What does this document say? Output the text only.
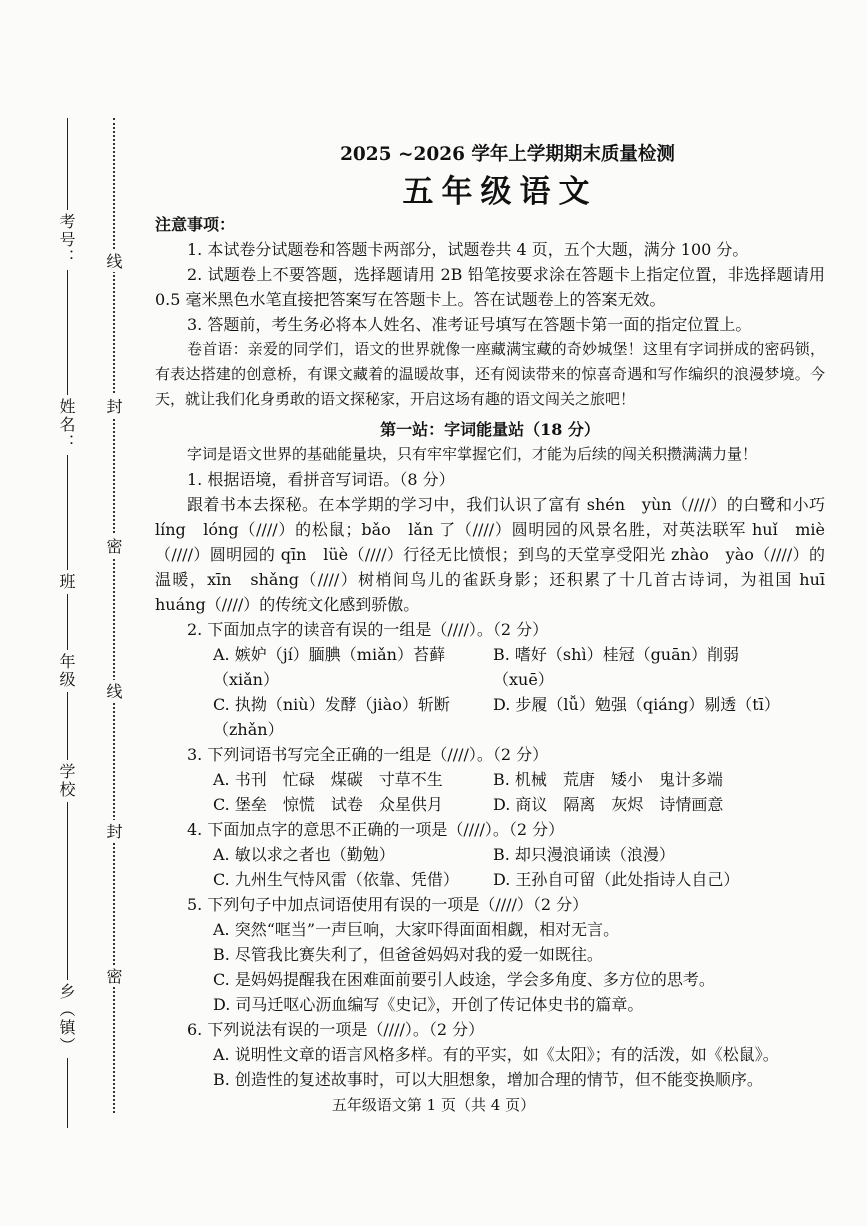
考号：
姓名：
班
年级
学校
乡（镇）
线
封
密
线
封
密

2025 ~2026 学年上学期期末质量检测

五年级语文

注意事项：

1. 本试卷分试题卷和答题卡两部分，试题卷共 4 页，五个大题，满分 100 分。

2. 试题卷上不要答题，选择题请用 2B 铅笔按要求涂在答题卡上指定位置，非选择题请用 0.5 毫米黑色水笔直接把答案写在答题卡上。答在试题卷上的答案无效。

3. 答题前，考生务必将本人姓名、准考证号填写在答题卡第一面的指定位置上。

卷首语：亲爱的同学们，语文的世界就像一座藏满宝藏的奇妙城堡！这里有字词拼成的密码锁，有表达搭建的创意桥，有课文藏着的温暖故事，还有阅读带来的惊喜奇遇和写作编织的浪漫梦境。今天，就让我们化身勇敢的语文探秘家，开启这场有趣的语文闯关之旅吧！

第一站：字词能量站（18 分）

字词是语文世界的基础能量块，只有牢牢掌握它们，才能为后续的闯关积攒满满力量！

1. 根据语境，看拼音写词语。（8 分）

跟着书本去探秘。在本学期的学习中，我们认识了富有 shén　yùn（////）的白鹭和小巧 líng　lóng（////）的松鼠；bǎo　lǎn 了（////）圆明园的风景名胜，对英法联军 huǐ　miè（////）圆明园的 qīn　lüè（////）行径无比愤恨；到鸟的天堂享受阳光 zhào　yào（////）的温暖，xīn　shǎng（////）树梢间鸟儿的雀跃身影；还积累了十几首古诗词，为祖国 huī　huáng（////）的传统文化感到骄傲。

2. 下面加点字的读音有误的一组是（////）。（2 分）

A. 嫉妒（jí）腼腆（miǎn）苔藓（xiǎn）
B. 嗜好（shì）桂冠（guān）削弱（xuē）
C. 执拗（niù）发酵（jiào）斩断（zhǎn）
D. 步履（lǚ）勉强（qiáng）剔透（tī）

3. 下列词语书写完全正确的一组是（////）。（2 分）

A. 书刊　忙碌　煤碳　寸草不生	B. 机械　荒唐　矮小　鬼计多端
C. 堡垒　惊慌　试卷　众星供月	D. 商议　隔离　灰烬　诗情画意

4. 下面加点字的意思不正确的一项是（////）。（2 分）

A. 敏以求之者也（勤勉）	B. 却只漫浪诵读（浪漫）
C. 九州生气恃风雷（依靠、凭借）	D. 王孙自可留（此处指诗人自己）

5. 下列句子中加点词语使用有误的一项是（////）（2 分）

A. 突然“哐当”一声巨响，大家吓得面面相觑，相对无言。

B. 尽管我比赛失利了，但爸爸妈妈对我的爱一如既往。

C. 是妈妈提醒我在困难面前要引人歧途，学会多角度、多方位的思考。

D. 司马迁呕心沥血编写《史记》，开创了传记体史书的篇章。

6. 下列说法有误的一项是（////）。（2 分）

A. 说明性文章的语言风格多样。有的平实，如《太阳》；有的活泼，如《松鼠》。

B. 创造性的复述故事时，可以大胆想象，增加合理的情节，但不能变换顺序。

五年级语文第 1 页（共 4 页）
